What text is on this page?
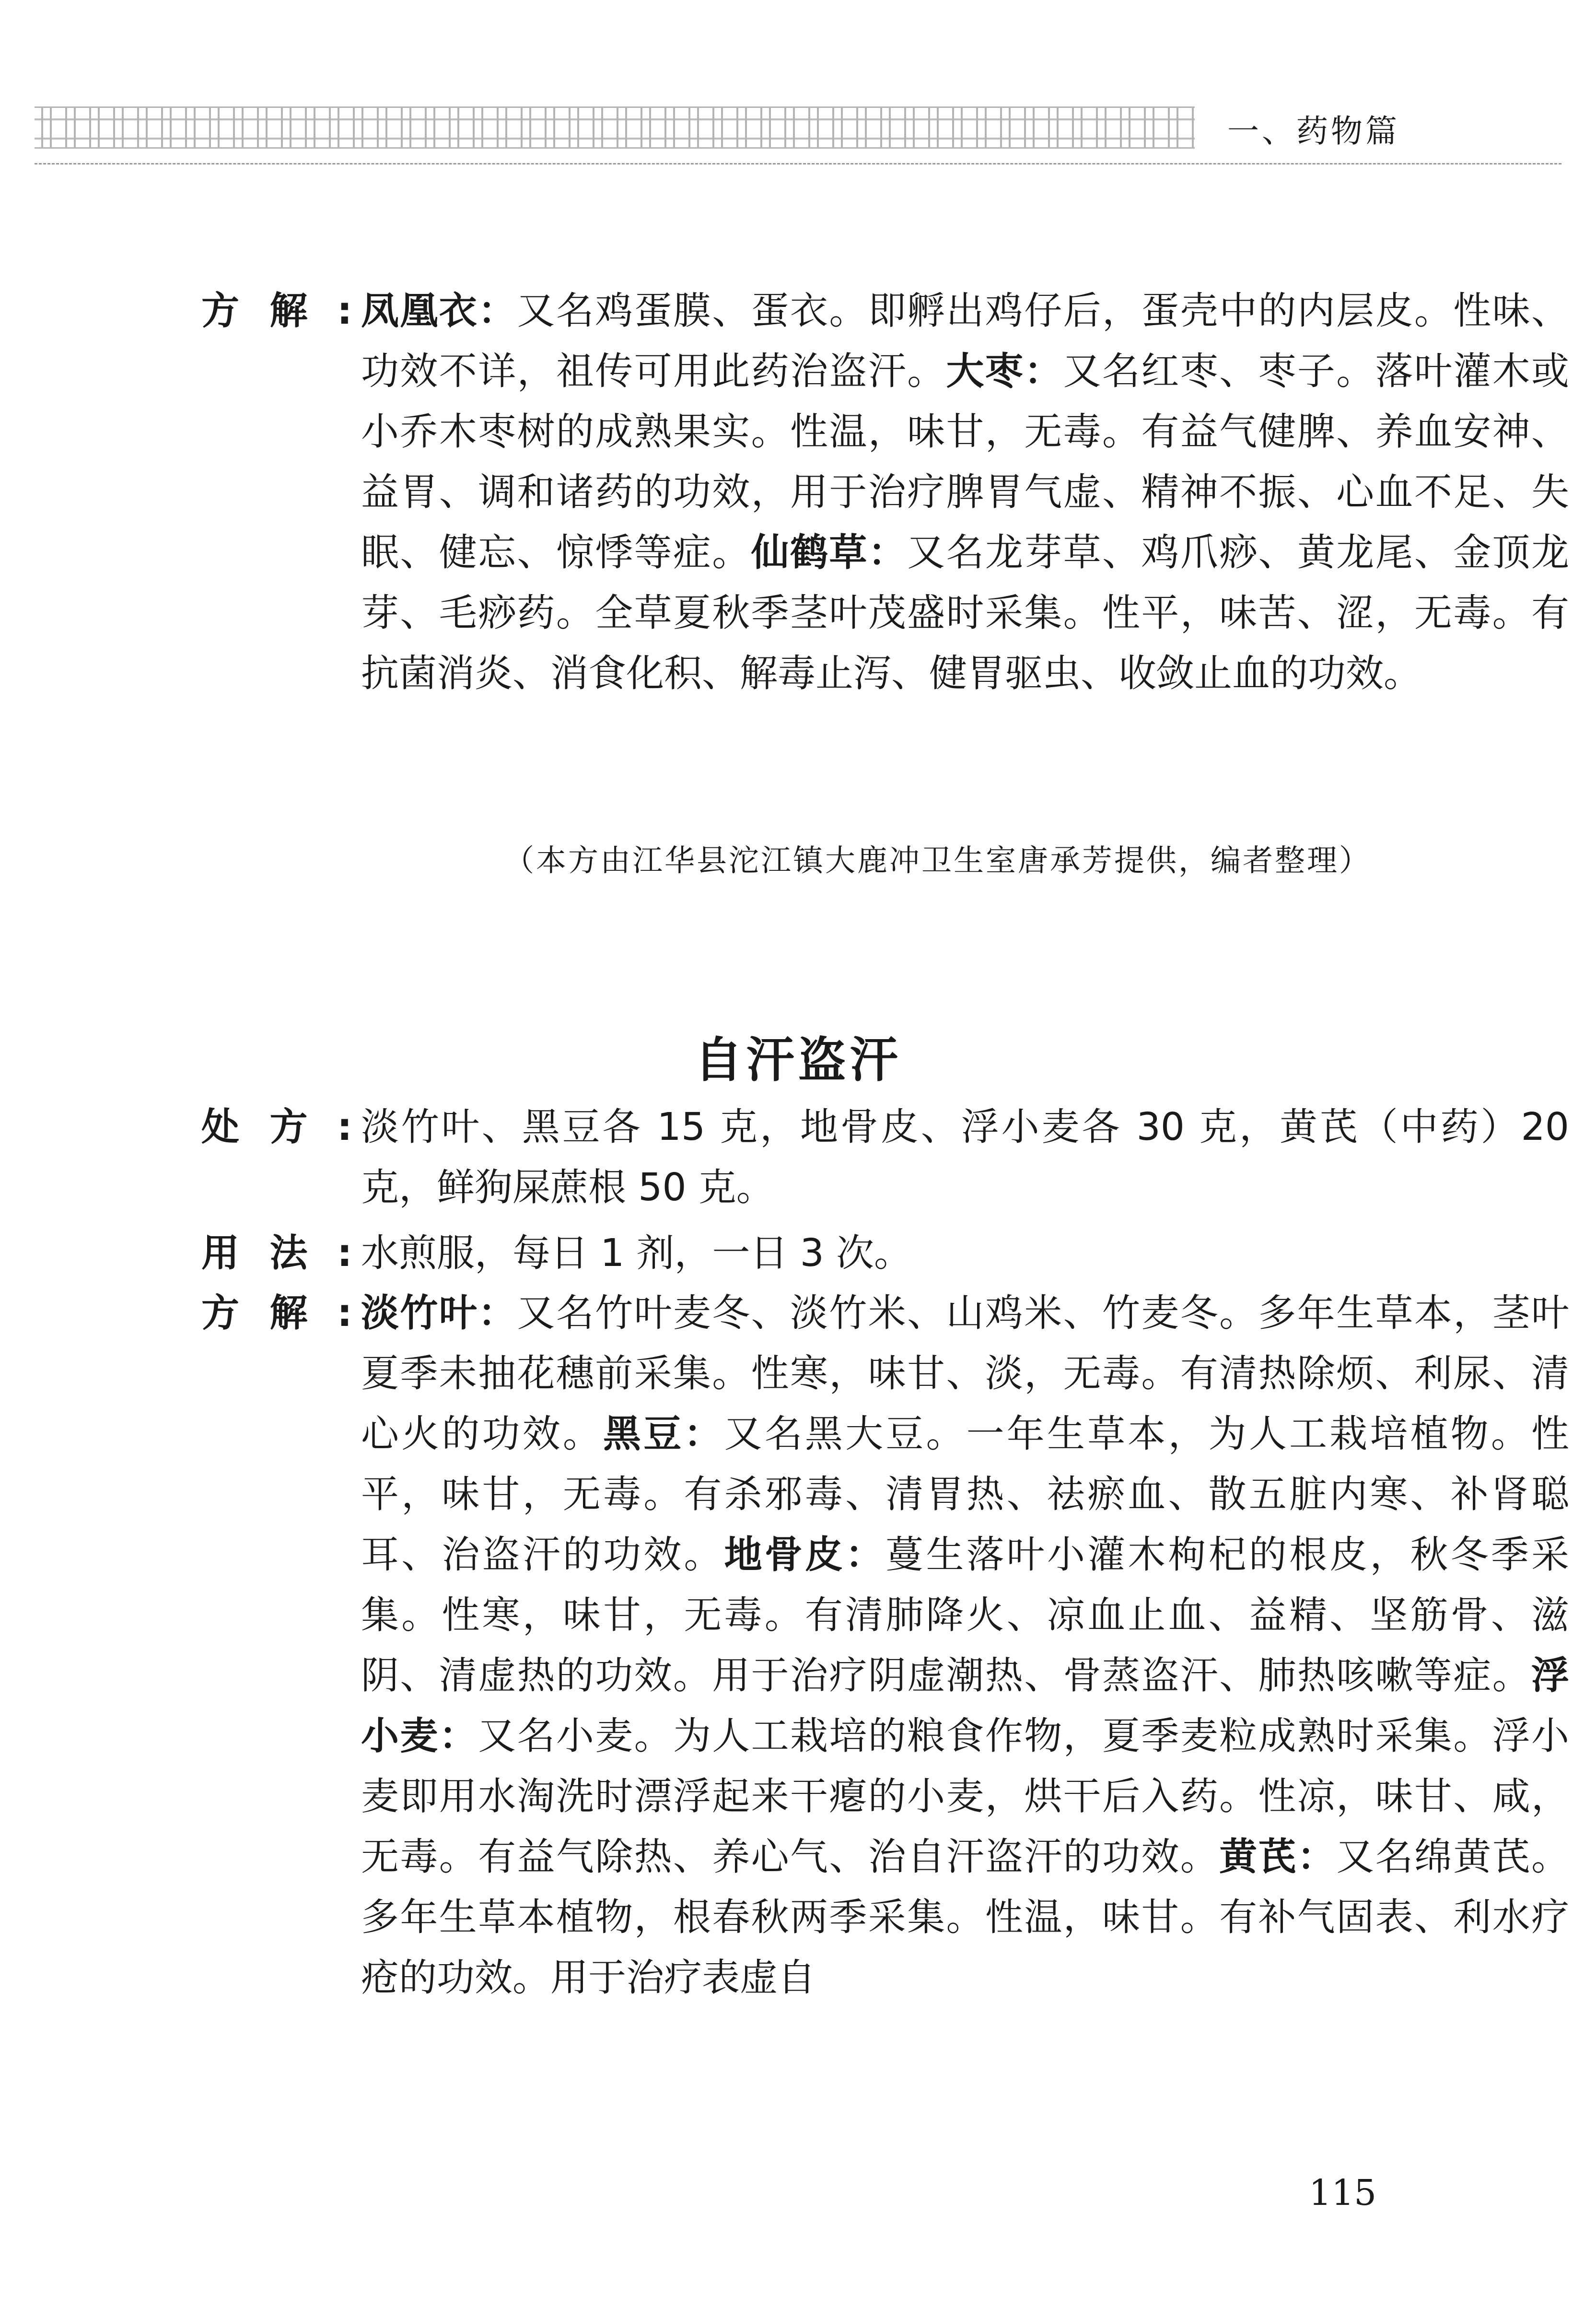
一、药物篇
方 解 : 凤凰衣：又名鸡蛋膜、蛋衣。即孵出鸡仔后，蛋壳中的内层皮。性味、功效不详，祖传可用此药治盗汗。大枣：又名红枣、枣子。落叶灌木或小乔木枣树的成熟果实。性温，味甘，无毒。有益气健脾、养血安神、益胃、调和诸药的功效，用于治疗脾胃气虚、精神不振、心血不足、失眠、健忘、惊悸等症。仙鹤草：又名龙芽草、鸡爪痧、黄龙尾、金顶龙芽、毛痧药。全草夏秋季茎叶茂盛时采集。性平，味苦、涩，无毒。有抗菌消炎、消食化积、解毒止泻、健胃驱虫、收敛止血的功效。
（本方由江华县沱江镇大鹿冲卫生室唐承芳提供，编者整理）
自汗盗汗
处 方 : 淡竹叶、黑豆各 15 克，地骨皮、浮小麦各 30 克，黄芪（中药）20 克，鲜狗屎蔗根 50 克。
用 法 : 水煎服，每日 1 剂，一日 3 次。
方 解 : 淡竹叶：又名竹叶麦冬、淡竹米、山鸡米、竹麦冬。多年生草本，茎叶夏季未抽花穗前采集。性寒，味甘、淡，无毒。有清热除烦、利尿、清心火的功效。黑豆：又名黑大豆。一年生草本，为人工栽培植物。性平，味甘，无毒。有杀邪毒、清胃热、祛瘀血、散五脏内寒、补肾聪耳、治盗汗的功效。地骨皮：蔓生落叶小灌木枸杞的根皮，秋冬季采集。性寒，味甘，无毒。有清肺降火、凉血止血、益精、坚筋骨、滋阴、清虚热的功效。用于治疗阴虚潮热、骨蒸盗汗、肺热咳嗽等症。浮小麦：又名小麦。为人工栽培的粮食作物，夏季麦粒成熟时采集。浮小麦即用水淘洗时漂浮起来干瘪的小麦，烘干后入药。性凉，味甘、咸，无毒。有益气除热、养心气、治自汗盗汗的功效。黄芪：又名绵黄芪。多年生草本植物，根春秋两季采集。性温，味甘。有补气固表、利水疗疮的功效。用于治疗表虚自
115
